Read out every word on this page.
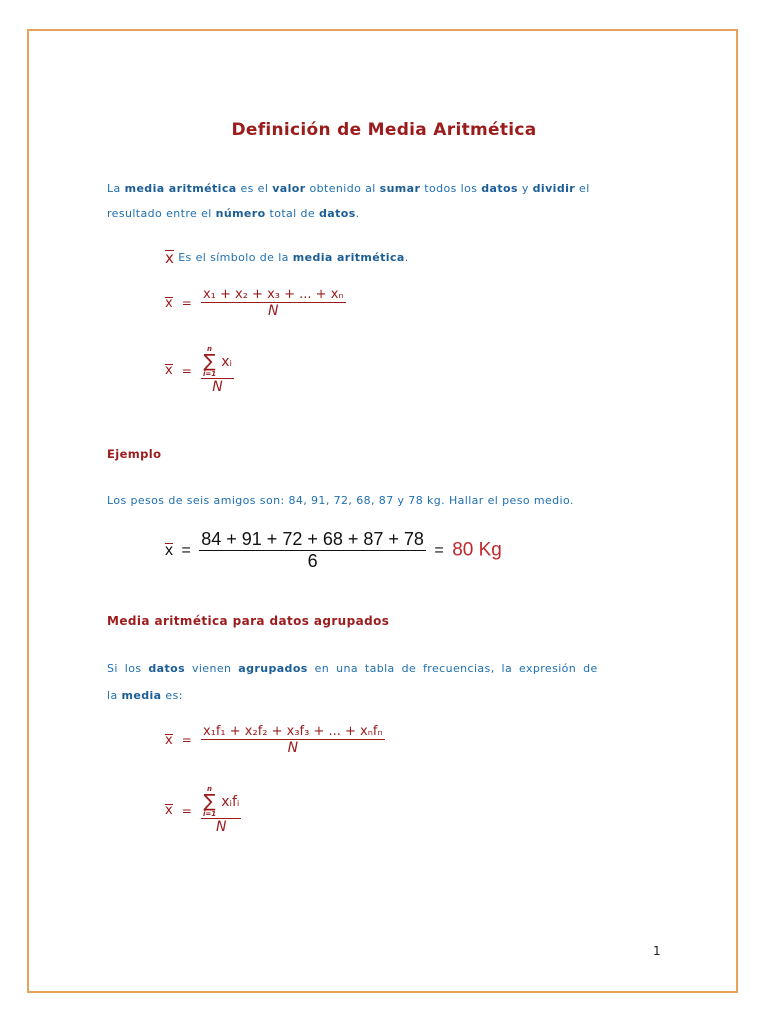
Definición de Media Aritmética
La media aritmética es el valor obtenido al sumar todos los datos y dividir el
resultado entre el número total de datos.
x Es el símbolo de la media aritmética.
$x = \frac{\text{x₁ + x₂ + x₃ + ... + xₙ}}{N}$
x = n
∑
i=1
xᵢ
N
Ejemplo
Los pesos de seis amigos son: 84, 91, 72, 68, 87 y 78 kg. Hallar el peso medio.
$x = \frac{84 + 91 + 72 + 68 + 87 + 78}{6} = 80$ Kg
Media aritmética para datos agrupados
Si los datos vienen agrupados en una tabla de frecuencias, la expresión de
la media es:
$x = \frac{\text{x₁f₁ + x₂f₂ + x₃f₃ + ... + xₙfₙ}}{N}$
x = n
∑
i=1
xᵢfᵢ
N
1
